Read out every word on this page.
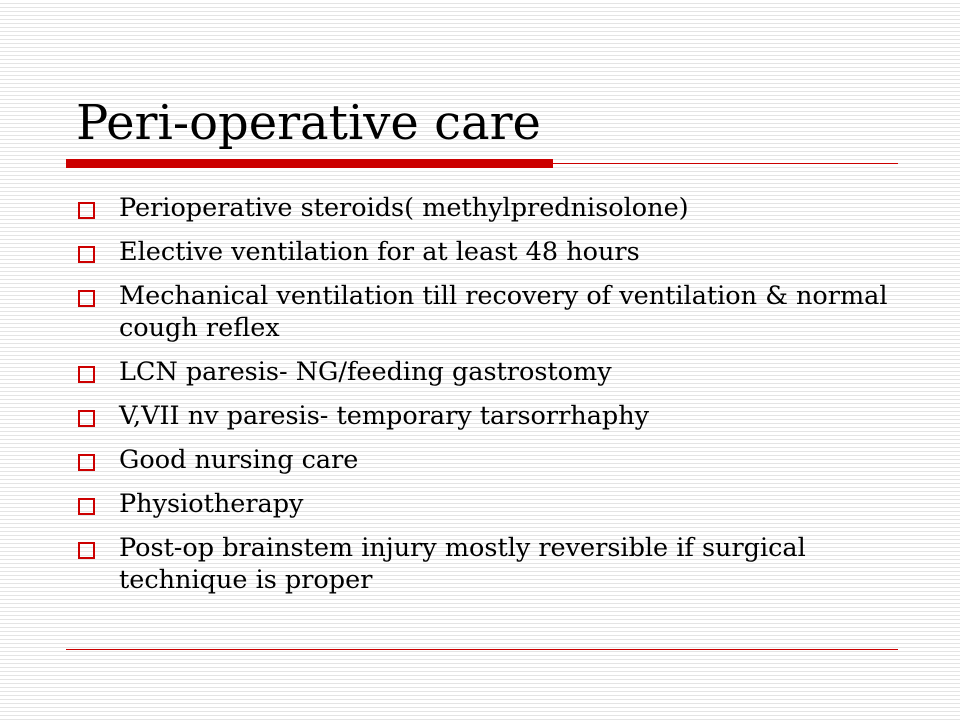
Peri-operative care
Perioperative steroids( methylprednisolone)
Elective ventilation for at least 48 hours
Mechanical ventilation till recovery of ventilation & normal cough reflex
LCN paresis- NG/feeding gastrostomy
V,VII nv paresis- temporary tarsorrhaphy
Good nursing care
Physiotherapy
Post-op brainstem injury mostly reversible if surgical technique is proper
